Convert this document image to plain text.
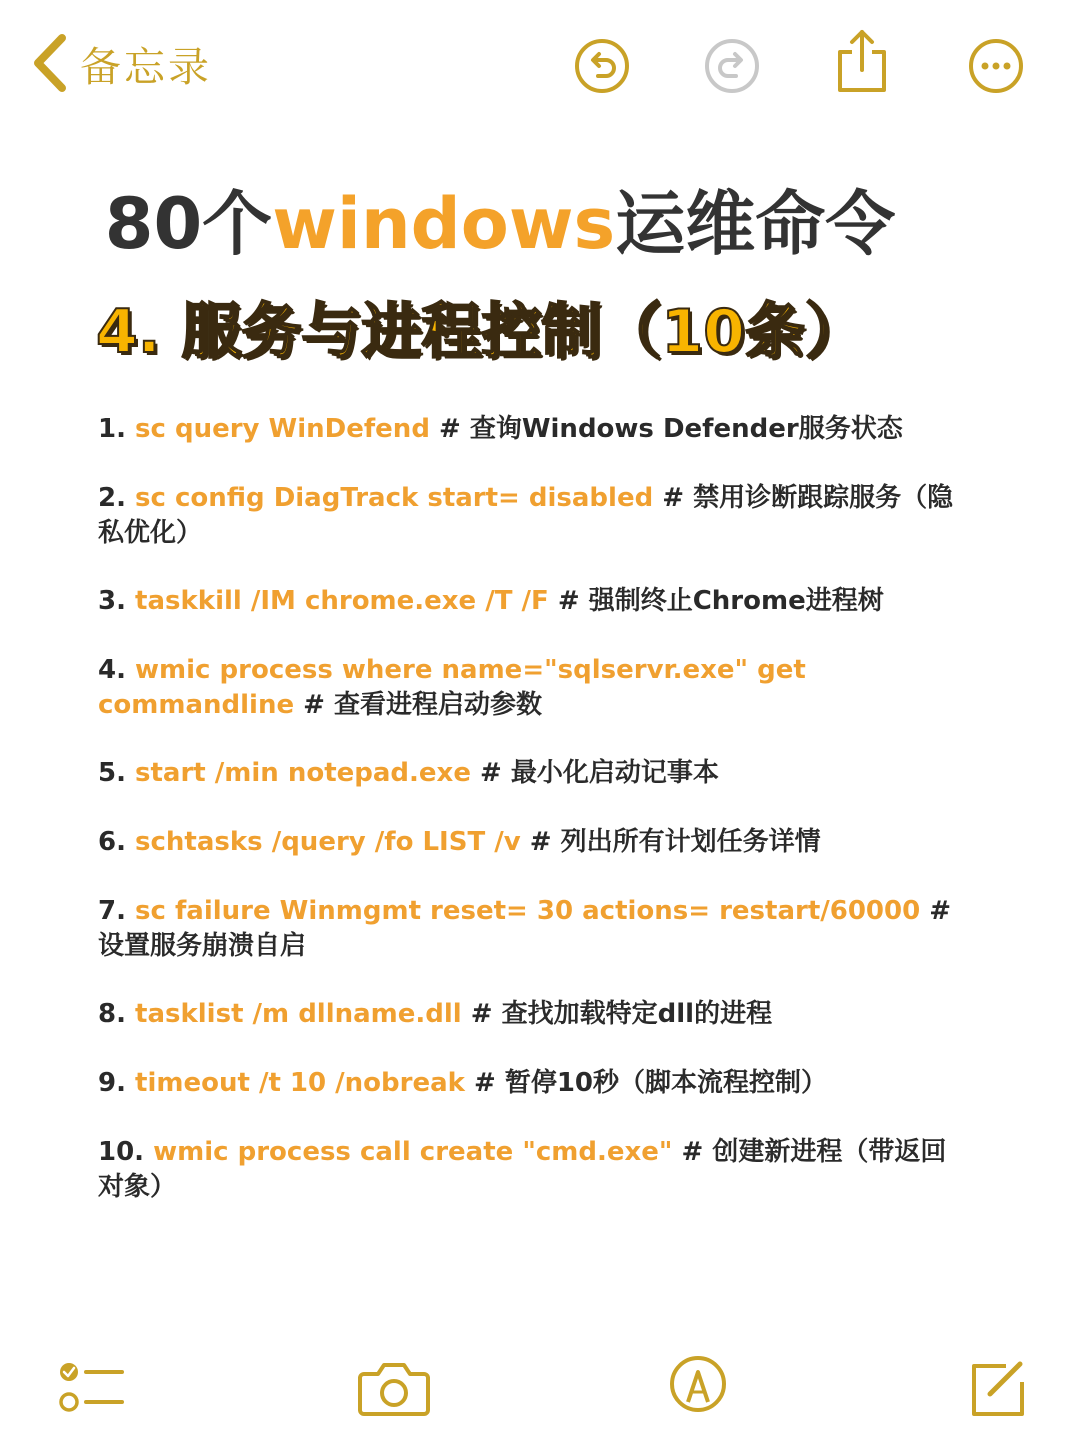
备忘录
80个windows运维命令
4. 服务与进程控制（10条）
1. sc query WinDefend # 查询Windows Defender服务状态
2. sc config DiagTrack start= disabled # 禁用诊断跟踪服务（隐私优化）
3. taskkill /IM chrome.exe /T /F # 强制终止Chrome进程树
4. wmic process where name="sqlservr.exe" get commandline # 查看进程启动参数
5. start /min notepad.exe # 最小化启动记事本
6. schtasks /query /fo LIST /v # 列出所有计划任务详情
7. sc failure Winmgmt reset= 30 actions= restart/60000 # 设置服务崩溃自启
8. tasklist /m dllname.dll # 查找加载特定dll的进程
9. timeout /t 10 /nobreak # 暂停10秒（脚本流程控制）
10. wmic process call create "cmd.exe" # 创建新进程（带返回对象）
